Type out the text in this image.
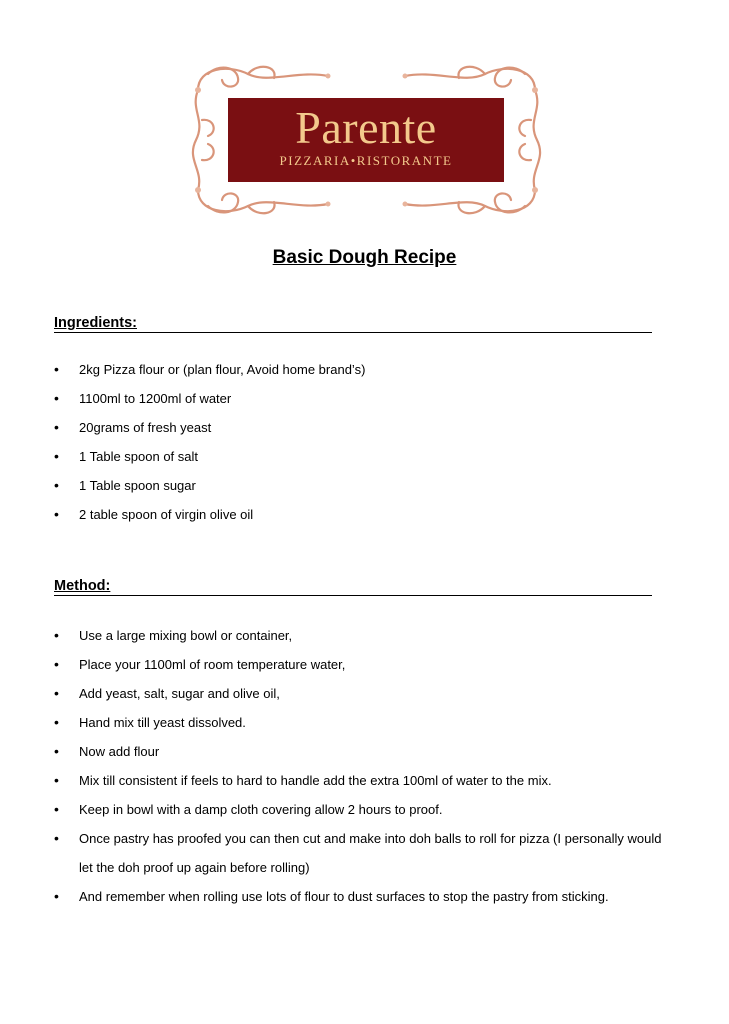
Parente
PIZZARIA•RISTORANTE
Basic Dough Recipe
Ingredients:
• 2kg Pizza flour or (plan flour, Avoid home brand’s)
• 1100ml to 1200ml of water
• 20grams of fresh yeast
• 1 Table spoon of salt
• 1 Table spoon sugar
• 2 table spoon of virgin olive oil
Method:
• Use a large mixing bowl or container,
• Place your 1100ml of room temperature water,
• Add yeast, salt, sugar and olive oil,
• Hand mix till yeast dissolved.
• Now add flour
• Mix till consistent if feels to hard to handle add the extra 100ml of water to the mix.
• Keep in bowl with a damp cloth covering allow 2 hours to proof.
• Once pastry has proofed you can then cut and make into doh balls to roll for pizza (I personally would let the doh proof up again before rolling)
• And remember when rolling use lots of flour to dust surfaces to stop the pastry from sticking.
